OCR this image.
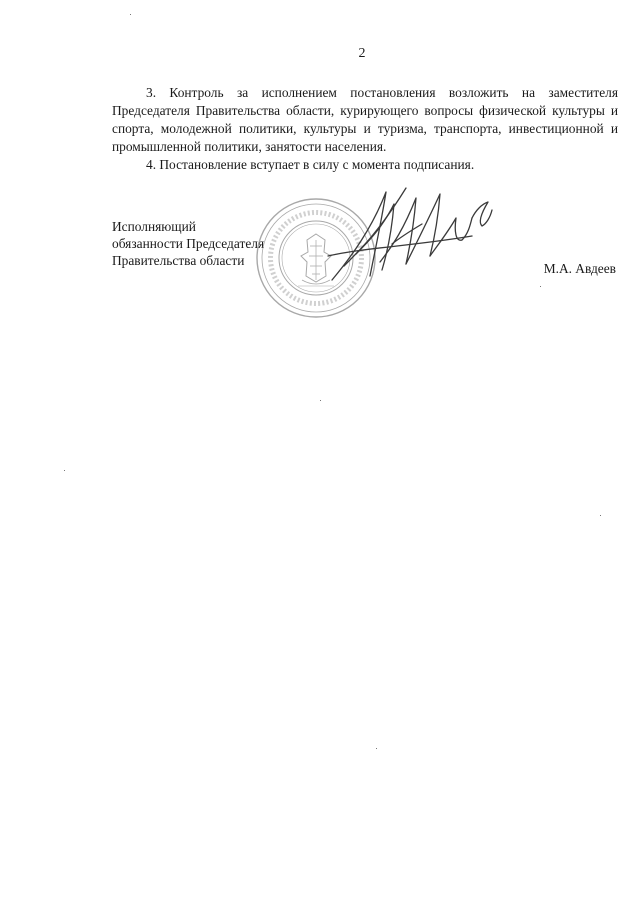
2

3. Контроль за исполнением постановления возложить на заместителя Председателя Правительства области, курирующего вопросы физической культуры и спорта, молодежной политики, культуры и туризма, транспорта, инвестиционной и промышленной политики, занятости населения.

4. Постановление вступает в силу с момента подписания.

Исполняющий
обязанности Председателя
Правительства области
М.А. Авдеев
